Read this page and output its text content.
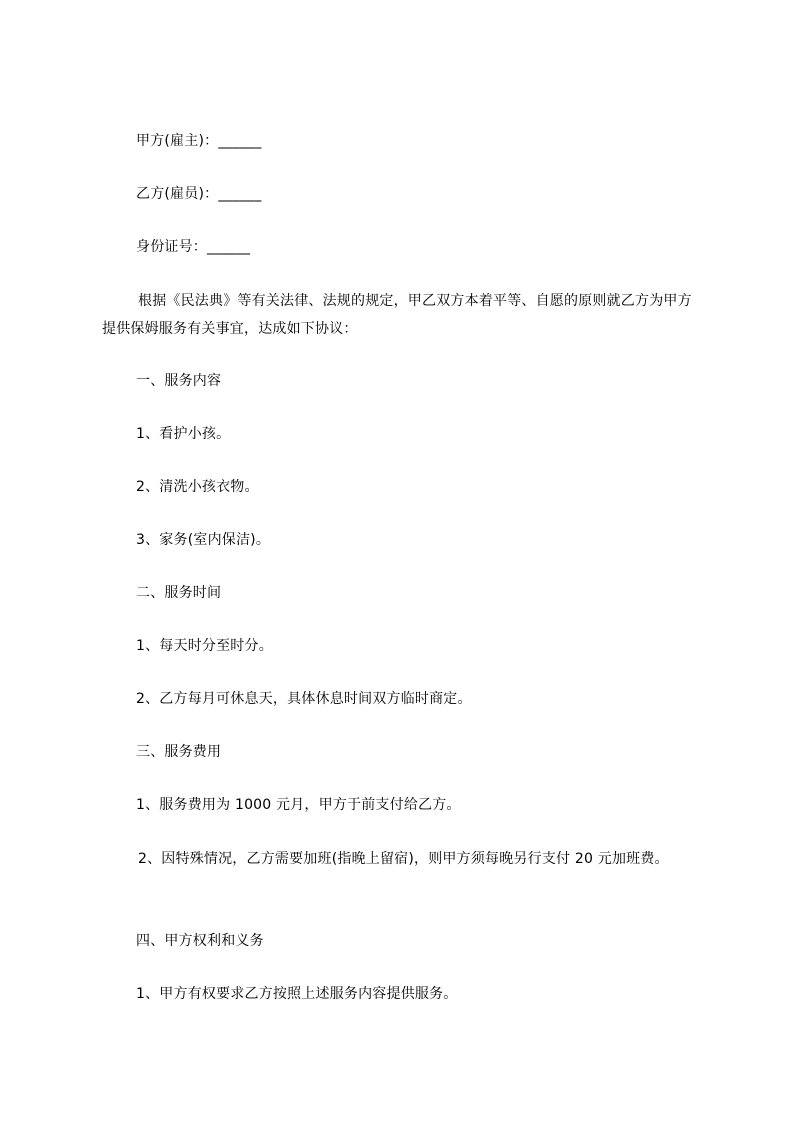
甲方(雇主)：______
乙方(雇员)：______
身份证号：______
根据《民法典》等有关法律、法规的规定，甲乙双方本着平等、自愿的原则就乙方为甲方提供保姆服务有关事宜，达成如下协议：
一、服务内容
1、看护小孩。
2、清洗小孩衣物。
3、家务(室内保洁)。
二、服务时间
1、每天时分至时分。
2、乙方每月可休息天，具体休息时间双方临时商定。
三、服务费用
1、服务费用为 1000 元月，甲方于前支付给乙方。
2、因特殊情况，乙方需要加班(指晚上留宿)，则甲方须每晚另行支付 20 元加班费。
四、甲方权利和义务
1、甲方有权要求乙方按照上述服务内容提供服务。
